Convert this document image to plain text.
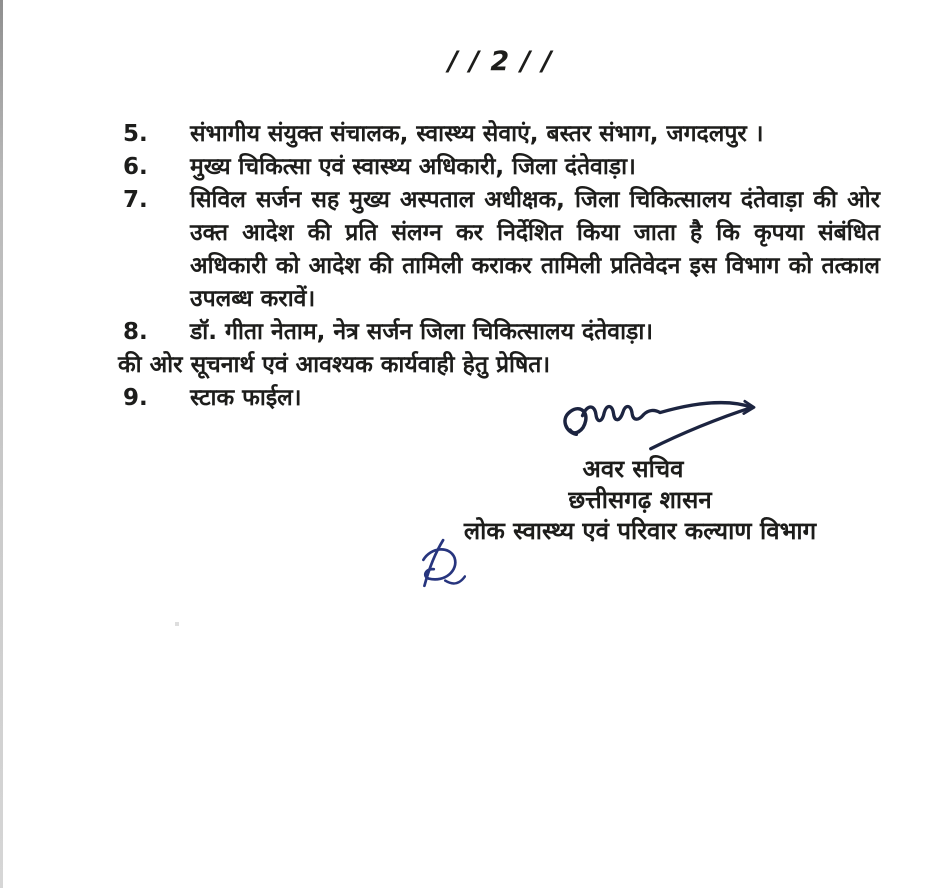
//2//
5.	संभागीय संयुक्त संचालक, स्वास्थ्य सेवाएं, बस्तर संभाग, जगदलपुर ।
6.	मुख्य चिकित्सा एवं स्वास्थ्य अधिकारी, जिला दंतेवाड़ा।
7.	सिविल सर्जन सह मुख्य अस्पताल अधीक्षक, जिला चिकित्सालय दंतेवाड़ा की ओर उक्त आदेश की प्रति संलग्न कर निर्देशित किया जाता है कि कृपया संबंधित अधिकारी को आदेश की तामिली कराकर तामिली प्रतिवेदन इस विभाग को तत्काल उपलब्ध करावें।
8.	डॉ. गीता नेताम, नेत्र सर्जन जिला चिकित्सालय दंतेवाड़ा।
की ओर सूचनार्थ एवं आवश्यक कार्यवाही हेतु प्रेषित।
9.	स्टाक फाईल।
अवर सचिव
छत्तीसगढ़ शासन
लोक स्वास्थ्य एवं परिवार कल्याण विभाग
